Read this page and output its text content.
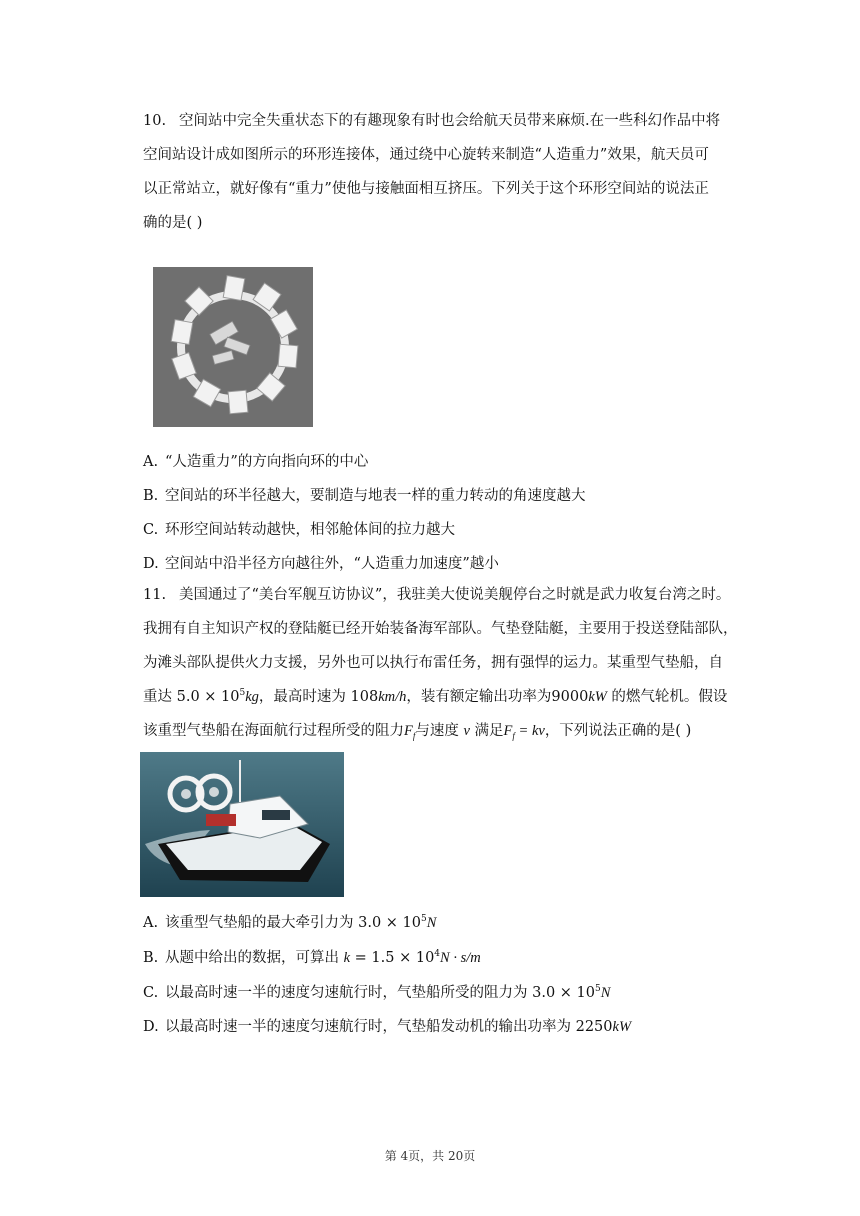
10. 空间站中完全失重状态下的有趣现象有时也会给航天员带来麻烦.在一些科幻作品中将

空间站设计成如图所示的环形连接体，通过绕中心旋转来制造“人造重力”效果，航天员可

以正常站立，就好像有“重力”使他与接触面相互挤压。下列关于这个环形空间站的说法正

确的是( )

A. “人造重力”的方向指向环的中心
B. 空间站的环半径越大，要制造与地表一样的重力转动的角速度越大
C. 环形空间站转动越快，相邻舱体间的拉力越大
D. 空间站中沿半径方向越往外，“人造重力加速度”越小

11. 美国通过了“美台军舰互访协议”，我驻美大使说美舰停台之时就是武力收复台湾之时。

我拥有自主知识产权的登陆艇已经开始装备海军部队。气垫登陆艇，主要用于投送登陆部队，

为滩头部队提供火力支援，另外也可以执行布雷任务，拥有强悍的运力。某重型气垫船，自

重达 $5.0 \times 10^5kg$，最高时速为 108km/h，装有额定输出功率为9000kW 的燃气轮机。假设

该重型气垫船在海面航行过程所受的阻力$F_f$与速度 v 满足$F_f$ = kv，下列说法正确的是( )

A. 该重型气垫船的最大牵引力为 $3.0 \times 10^5N$
B. 从题中给出的数据，可算出 $k = 1.5 \times 10^4N \cdot s/m$
C. 以最高时速一半的速度匀速航行时，气垫船所受的阻力为 $3.0 \times 10^5N$
D. 以最高时速一半的速度匀速航行时，气垫船发动机的输出功率为 2250kW
第 4页，共 20页
